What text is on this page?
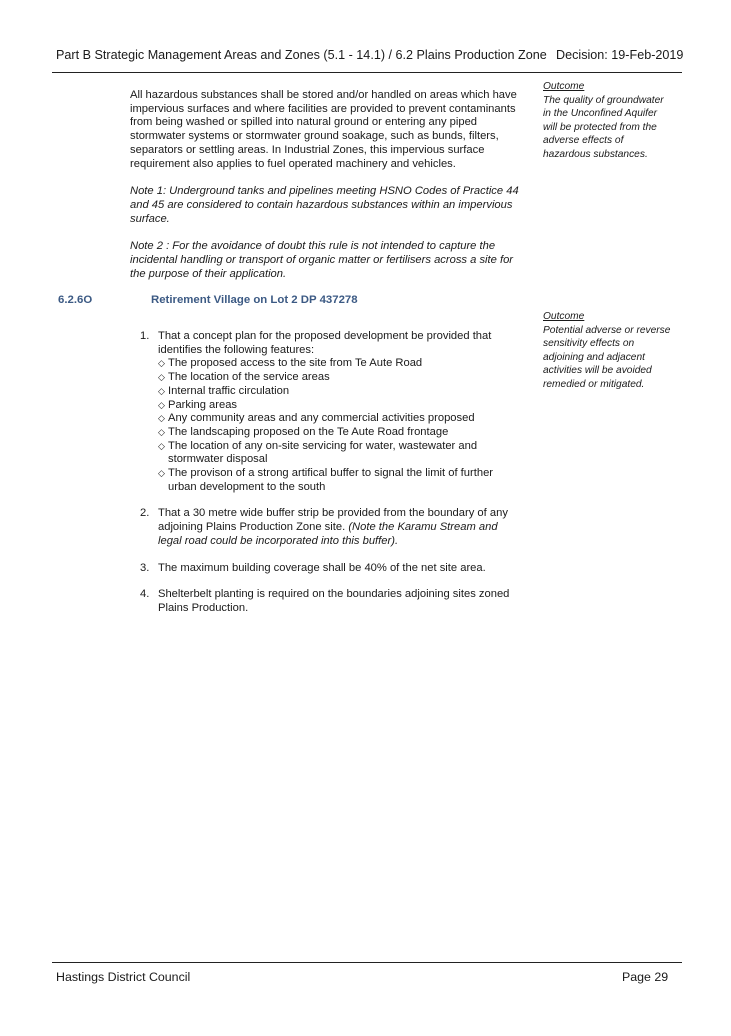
Part B Strategic Management Areas and Zones (5.1 - 14.1) / 6.2 Plains Production Zone Decision: 19-Feb-2019

All hazardous substances shall be stored and/or handled on areas which have impervious surfaces and where facilities are provided to prevent contaminants from being washed or spilled into natural ground or entering any piped stormwater systems or stormwater ground soakage, such as bunds, filters, separators or settling areas. In Industrial Zones, this impervious surface requirement also applies to fuel operated machinery and vehicles.

Note 1: Underground tanks and pipelines meeting HSNO Codes of Practice 44 and 45 are considered to contain hazardous substances within an impervious surface.

Note 2 : For the avoidance of doubt this rule is not intended to capture the incidental handling or transport of organic matter or fertilisers across a site for the purpose of their application.

Outcome
The quality of groundwater in the Unconfined Aquifer will be protected from the adverse effects of hazardous substances.
6.2.6O	Retirement Village on Lot 2 DP 437278
Outcome
Potential adverse or reverse sensitivity effects on adjoining and adjacent activities will be avoided remedied or mitigated.
1. That a concept plan for the proposed development be provided that identifies the following features:
◇ The proposed access to the site from Te Aute Road
◇ The location of the service areas
◇ Internal traffic circulation
◇ Parking areas
◇ Any community areas and any commercial activities proposed
◇ The landscaping proposed on the Te Aute Road frontage
◇ The location of any on-site servicing for water, wastewater and stormwater disposal
◇ The provison of a strong artifical buffer to signal the limit of further urban development to the south
2. That a 30 metre wide buffer strip be provided from the boundary of any adjoining Plains Production Zone site. (Note the Karamu Stream and legal road could be incorporated into this buffer).
3. The maximum building coverage shall be 40% of the net site area.
4. Shelterbelt planting is required on the boundaries adjoining sites zoned Plains Production.
Hastings District Council	Page 29
